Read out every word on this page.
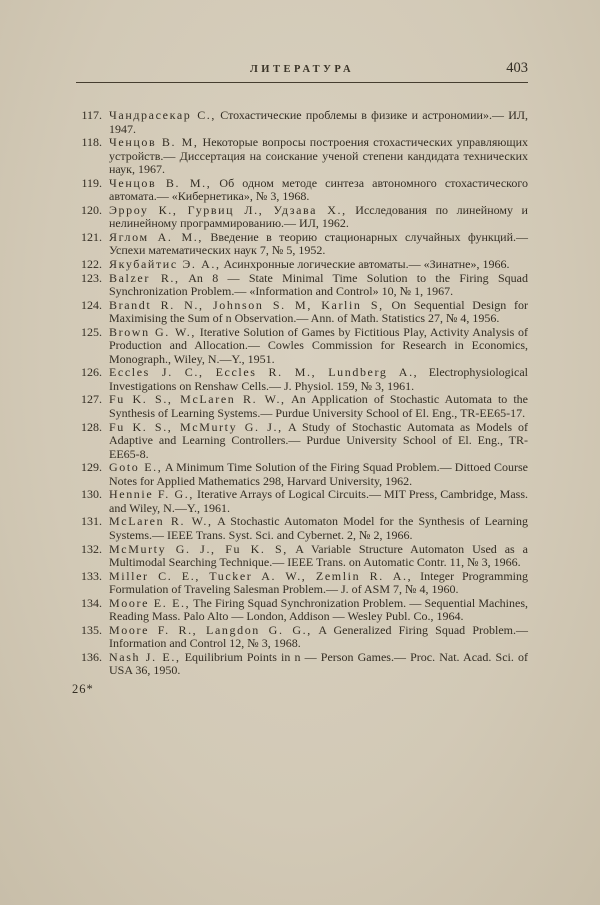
ЛИТЕРАТУРА	403
117. Чандрасекар С., Стохастические проблемы в физике и астрономии».— ИЛ, 1947.
118. Ченцов В. М, Некоторые вопросы построения стохастических управляющих устройств.— Диссертация на соискание ученой степени кандидата технических наук, 1967.
119. Ченцов В. М., Об одном методе синтеза автономного стохастического автомата.— «Кибернетика», № 3, 1968.
120. Эрроу К., Гурвиц Л., Удзава Х., Исследования по линейному и нелинейному программированию.— ИЛ, 1962.
121. Яглом А. М., Введение в теорию стационарных случайных функций.— Успехи математических наук 7, № 5, 1952.
122. Якубайтис Э. А., Асинхронные логические автоматы.— «Зинатне», 1966.
123. Balzer R., An 8 — State Minimal Time Solution to the Firing Squad Synchronization Problem.— «Information and Control» 10, № 1, 1967.
124. Brandt R. N., Johnson S. M, Karlin S, On Sequential Design for Maximising the Sum of n Observation.— Ann. of Math. Statistics 27, № 4, 1956.
125. Brown G. W., Iterative Solution of Games by Fictitious Play, Activity Analysis of Production and Allocation.— Cowles Commission for Research in Economics, Monograph., Wiley, N.—Y., 1951.
126. Eccles J. C., Eccles R. M., Lundberg A., Electrophysiological Investigations on Renshaw Cells.— J. Physiol. 159, № 3, 1961.
127. Fu K. S., McLaren R. W., An Application of Stochastic Automata to the Synthesis of Learning Systems.— Purdue University School of El. Eng., TR-EE65-17.
128. Fu K. S., McMurty G. J., A Study of Stochastic Automata as Models of Adaptive and Learning Controllers.— Purdue University School of El. Eng., TR-EE65-8.
129. Goto E., A Minimum Time Solution of the Firing Squad Problem.— Dittoed Course Notes for Applied Mathematics 298, Harvard University, 1962.
130. Hennie F. G., Iterative Arrays of Logical Circuits.— MIT Press, Cambridge, Mass. and Wiley, N.—Y., 1961.
131. McLaren R. W., A Stochastic Automaton Model for the Synthesis of Learning Systems.— IEEE Trans. Syst. Sci. and Cybernet. 2, № 2, 1966.
132. McMurty G. J., Fu K. S, A Variable Structure Automaton Used as a Multimodal Searching Technique.— IEEE Trans. on Automatic Contr. 11, № 3, 1966.
133. Miller C. E., Tucker A. W., Zemlin R. A., Integer Programming Formulation of Traveling Salesman Problem.— J. of ASM 7, № 4, 1960.
134. Moore E. E., The Firing Squad Synchronization Problem. — Sequential Machines, Reading Mass. Palo Alto — London, Addison — Wesley Publ. Co., 1964.
135. Moore F. R., Langdon G. G., A Generalized Firing Squad Problem.— Information and Control 12, № 3, 1968.
136. Nash J. E., Equilibrium Points in n — Person Games.— Proc. Nat. Acad. Sci. of USA 36, 1950.
26*
